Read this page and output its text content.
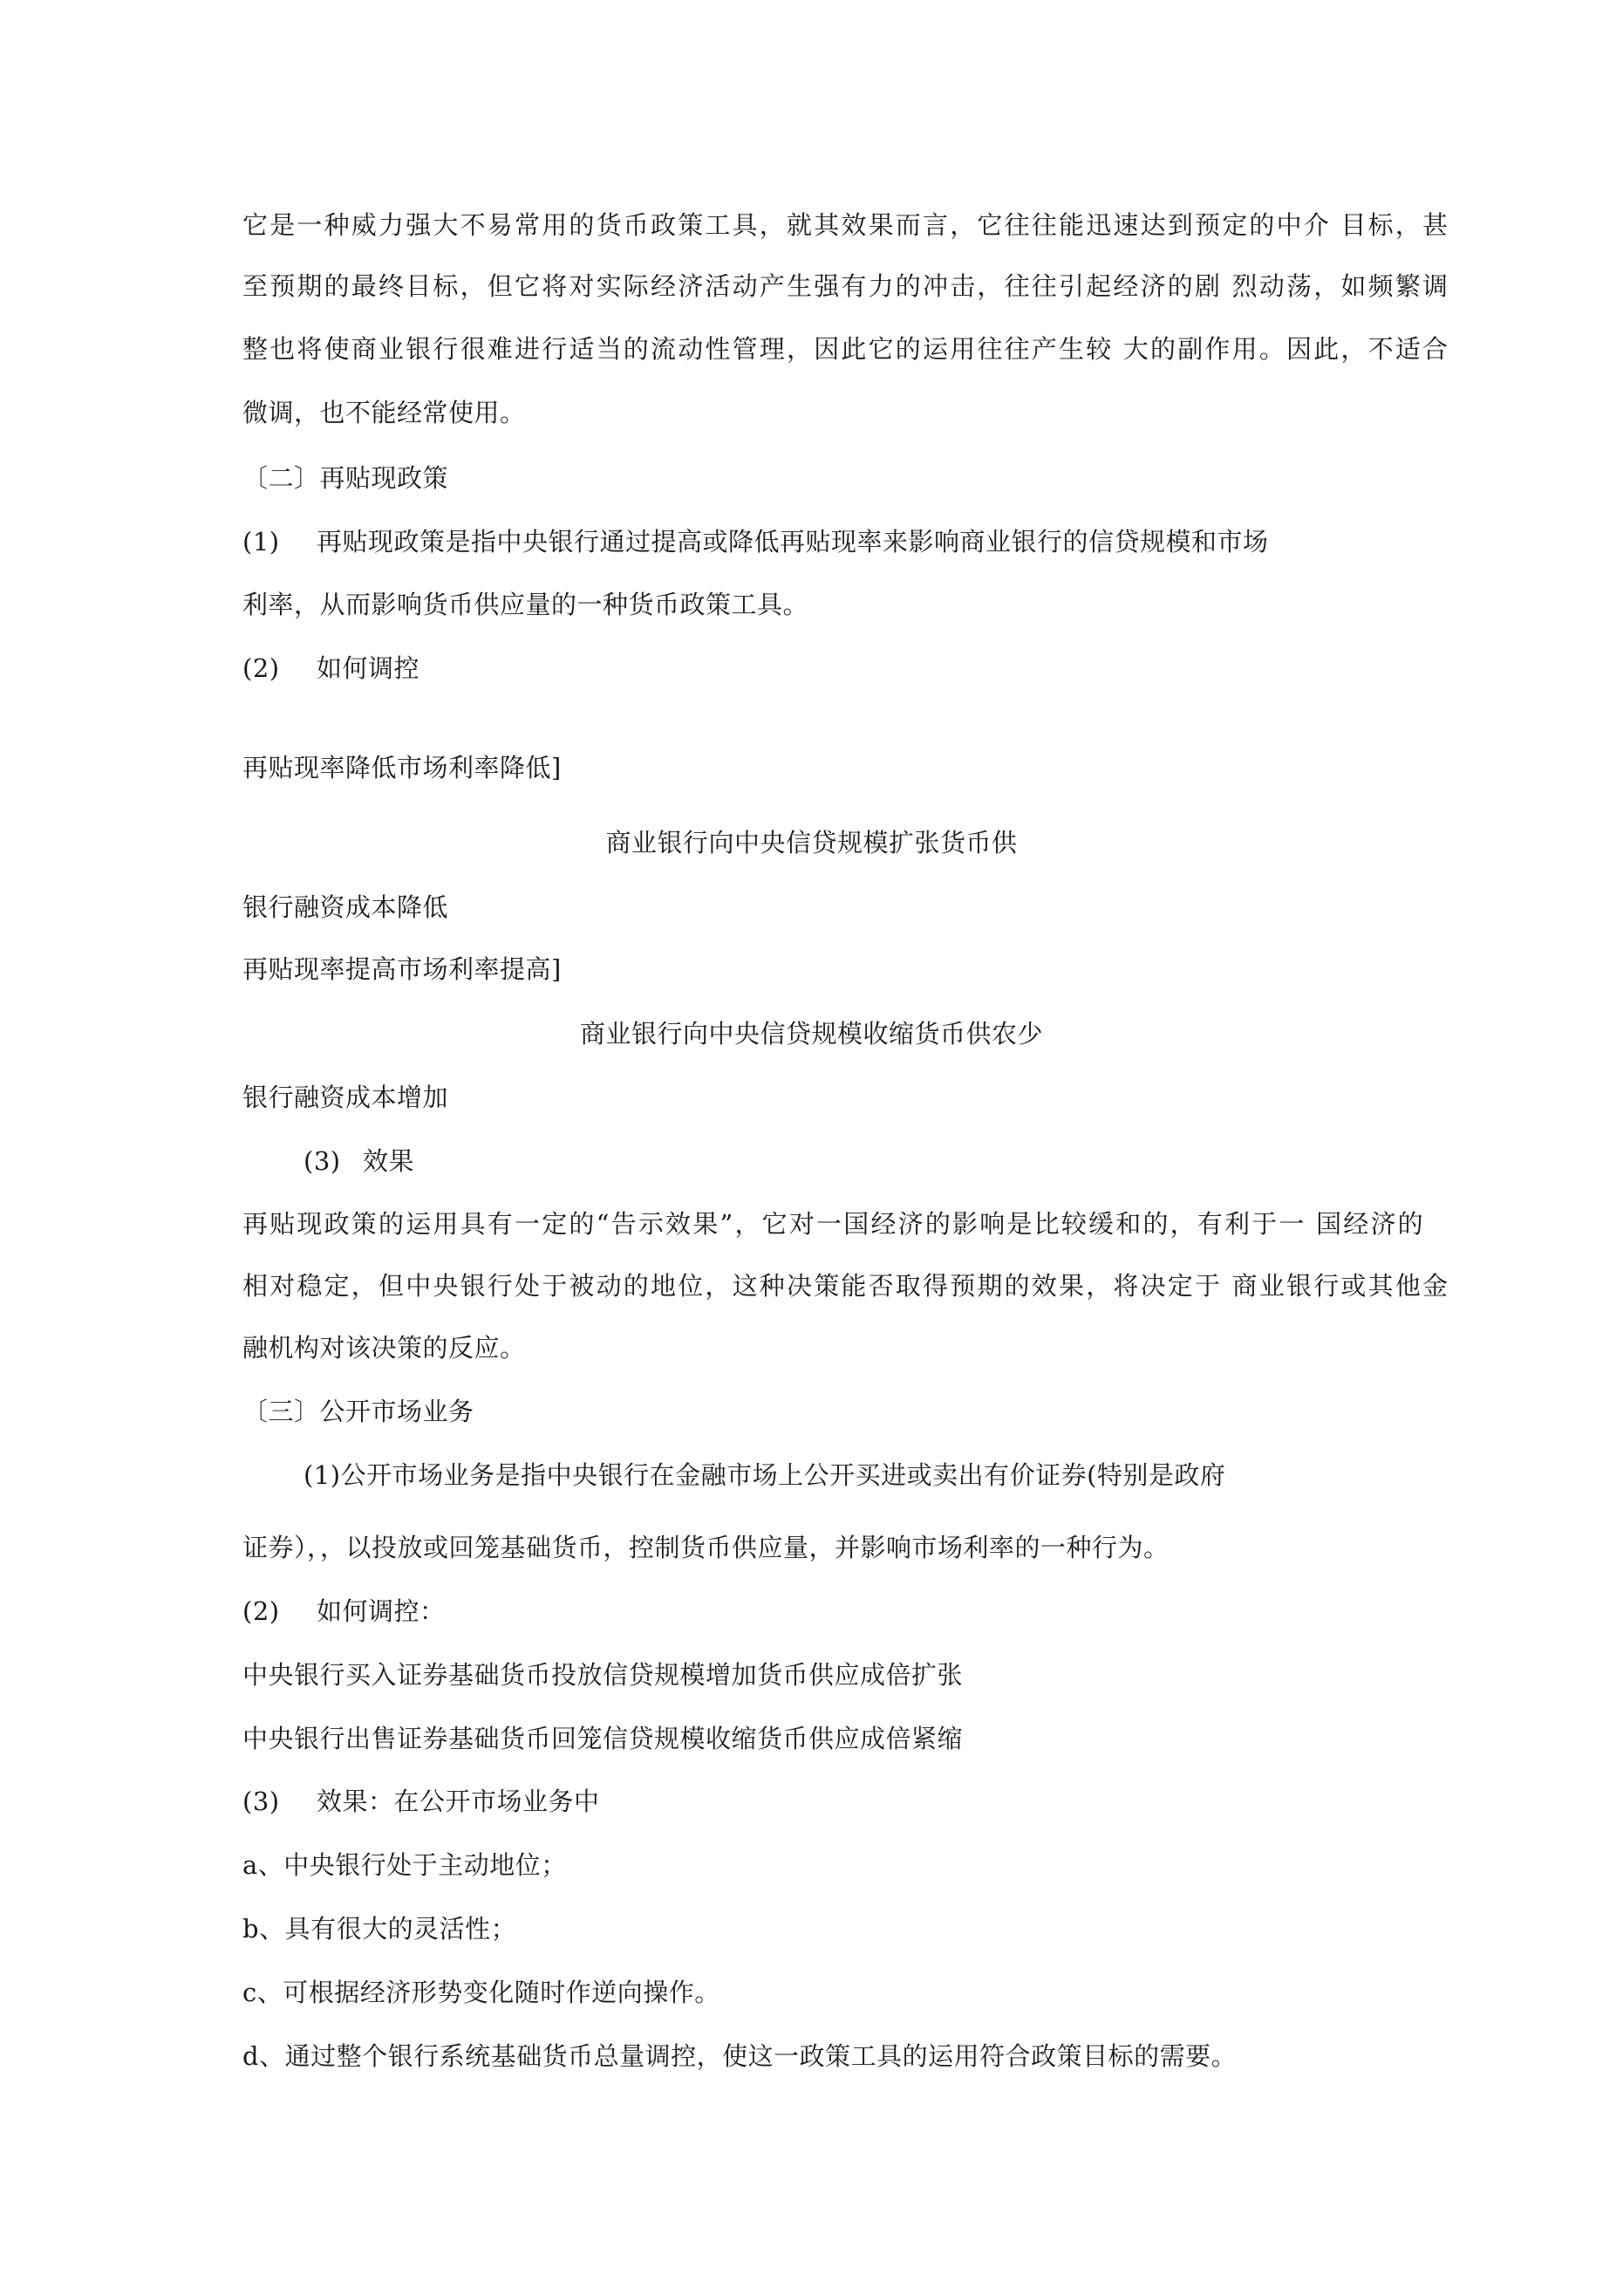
它是一种威力强大不易常用的货币政策工具，就其效果而言，它往往能迅速达到预定的中介 目标，甚
至预期的最终目标，但它将对实际经济活动产生强有力的冲击，往往引起经济的剧 烈动荡，如频繁调
整也将使商业银行很难进行适当的流动性管理，因此它的运用往往产生较 大的副作用。因此，不适合
微调，也不能经常使用。
〔二〕再贴现政策
(1) 再贴现政策是指中央银行通过提高或降低再贴现率来影响商业银行的信贷规模和市场
利率，从而影响货币供应量的一种货币政策工具。
(2) 如何调控
再贴现率降低市场利率降低]
商业银行向中央信贷规模扩张货币供
银行融资成本降低
再贴现率提高市场利率提高]
商业银行向中央信贷规模收缩货币供农少
银行融资成本增加
(3) 效果
再贴现政策的运用具有一定的“告示效果”，它对一国经济的影响是比较缓和的，有利于一 国经济的
相对稳定，但中央银行处于被动的地位，这种决策能否取得预期的效果，将决定于 商业银行或其他金
融机构对该决策的反应。
〔三〕公开市场业务
(1)公开市场业务是指中央银行在金融市场上公开买进或卖出有价证券(特别是政府
证券），，以投放或回笼基础货币，控制货币供应量，并影响市场利率的一种行为。
(2) 如何调控：
中央银行买入证券基础货币投放信贷规模增加货币供应成倍扩张
中央银行出售证券基础货币回笼信贷规模收缩货币供应成倍紧缩
(3) 效果：在公开市场业务中
a、中央银行处于主动地位；
b、具有很大的灵活性；
c、可根据经济形势变化随时作逆向操作。
d、通过整个银行系统基础货币总量调控，使这一政策工具的运用符合政策目标的需要。
